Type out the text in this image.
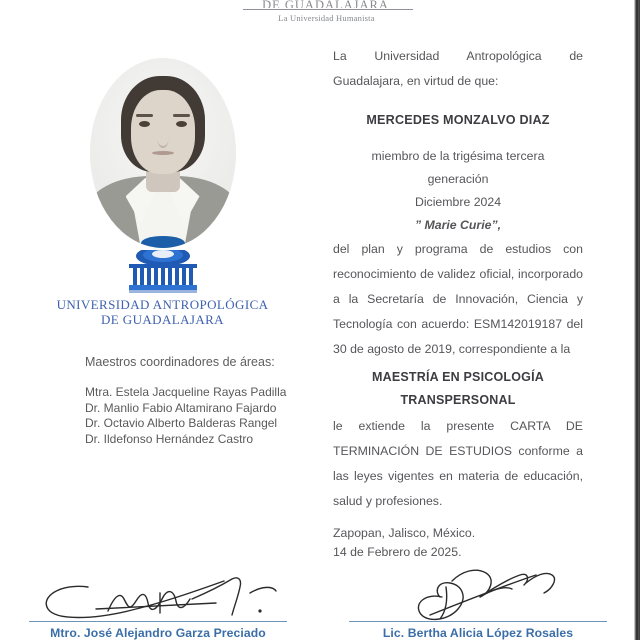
DE GUADALAJARA
La Universidad Humanista
UNIVERSIDAD ANTROPOLÓGICA
DE GUADALAJARA
Maestros coordinadores de áreas:
Mtra. Estela Jacqueline Rayas Padilla
Dr. Manlio Fabio Altamirano Fajardo
Dr. Octavio Alberto Balderas Rangel
Dr. Ildefonso Hernández Castro
La Universidad Antropológica de Guadalajara, en virtud de que:
MERCEDES MONZALVO DIAZ
miembro de la trigésima tercera
generación
Diciembre 2024
” Marie Curie”,
del plan y programa de estudios con reconocimiento de validez oficial, incorporado a la Secretaría de Innovación, Ciencia y Tecnología con acuerdo: ESM142019187 del 30 de agosto de 2019, correspondiente a la
MAESTRÍA EN PSICOLOGÍA TRANSPERSONAL
le extiende la presente CARTA DE TERMINACIÓN DE ESTUDIOS conforme a las leyes vigentes en materia de educación, salud y profesiones.
Zapopan, Jalisco, México.
14 de Febrero de 2025.
Mtro. José Alejandro Garza Preciado	Lic. Bertha Alicia López Rosales
